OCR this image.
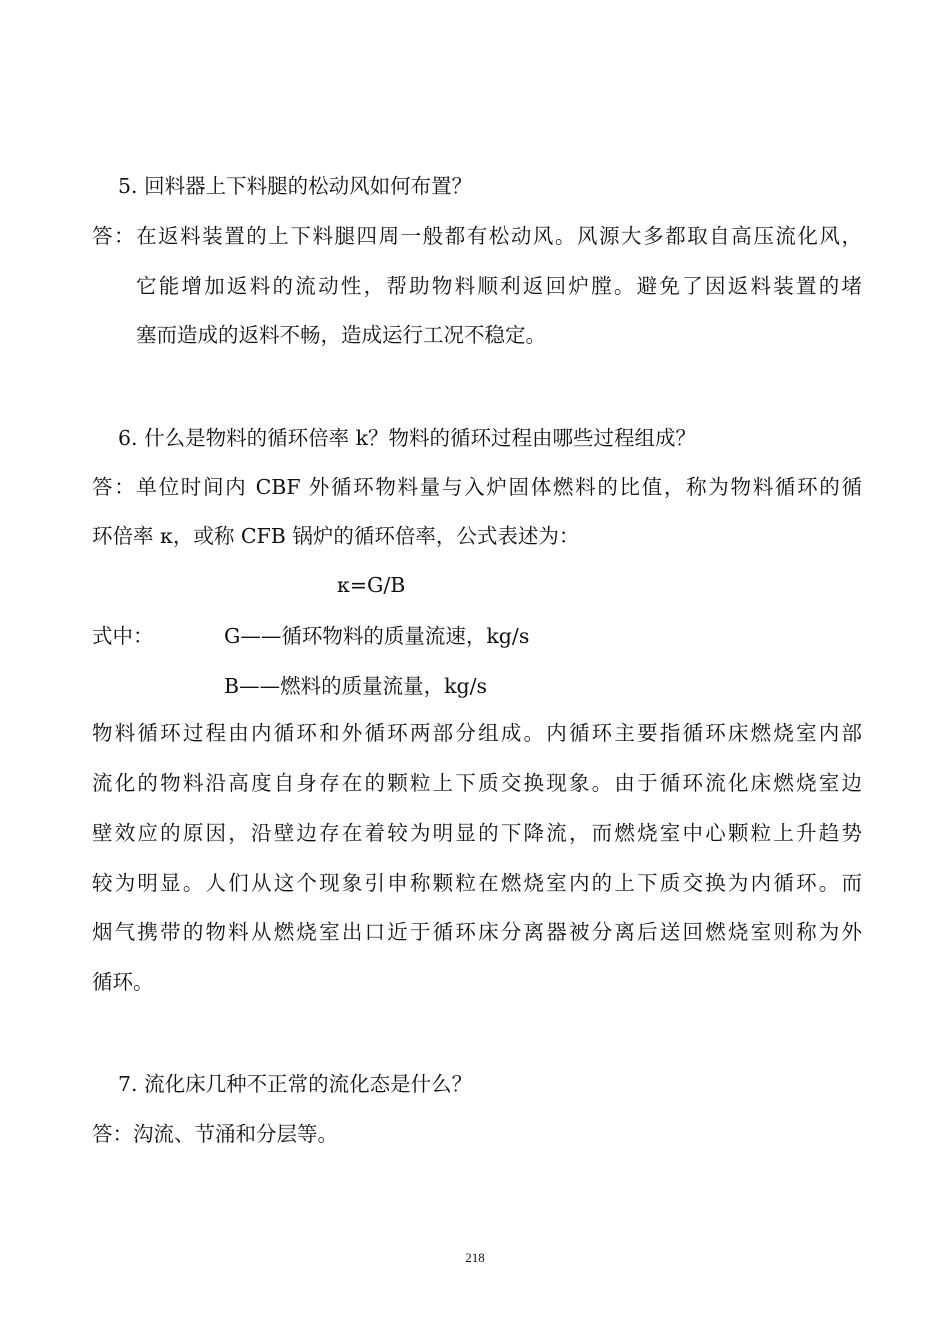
5. 回料器上下料腿的松动风如何布置？
答：在返料装置的上下料腿四周一般都有松动风。风源大多都取自高压流化风，
它能增加返料的流动性，帮助物料顺利返回炉膛。避免了因返料装置的堵
塞而造成的返料不畅，造成运行工况不稳定。
6. 什么是物料的循环倍率 k？物料的循环过程由哪些过程组成？
答：单位时间内 CBF 外循环物料量与入炉固体燃料的比值，称为物料循环的循
环倍率 κ，或称 CFB 锅炉的循环倍率，公式表述为：
κ=G/B
式中：	G——循环物料的质量流速，kg/s
B——燃料的质量流量，kg/s
物料循环过程由内循环和外循环两部分组成。内循环主要指循环床燃烧室内部
流化的物料沿高度自身存在的颗粒上下质交换现象。由于循环流化床燃烧室边
壁效应的原因，沿壁边存在着较为明显的下降流，而燃烧室中心颗粒上升趋势
较为明显。人们从这个现象引申称颗粒在燃烧室内的上下质交换为内循环。而
烟气携带的物料从燃烧室出口近于循环床分离器被分离后送回燃烧室则称为外
循环。
7. 流化床几种不正常的流化态是什么？
答：沟流、节涌和分层等。
218
